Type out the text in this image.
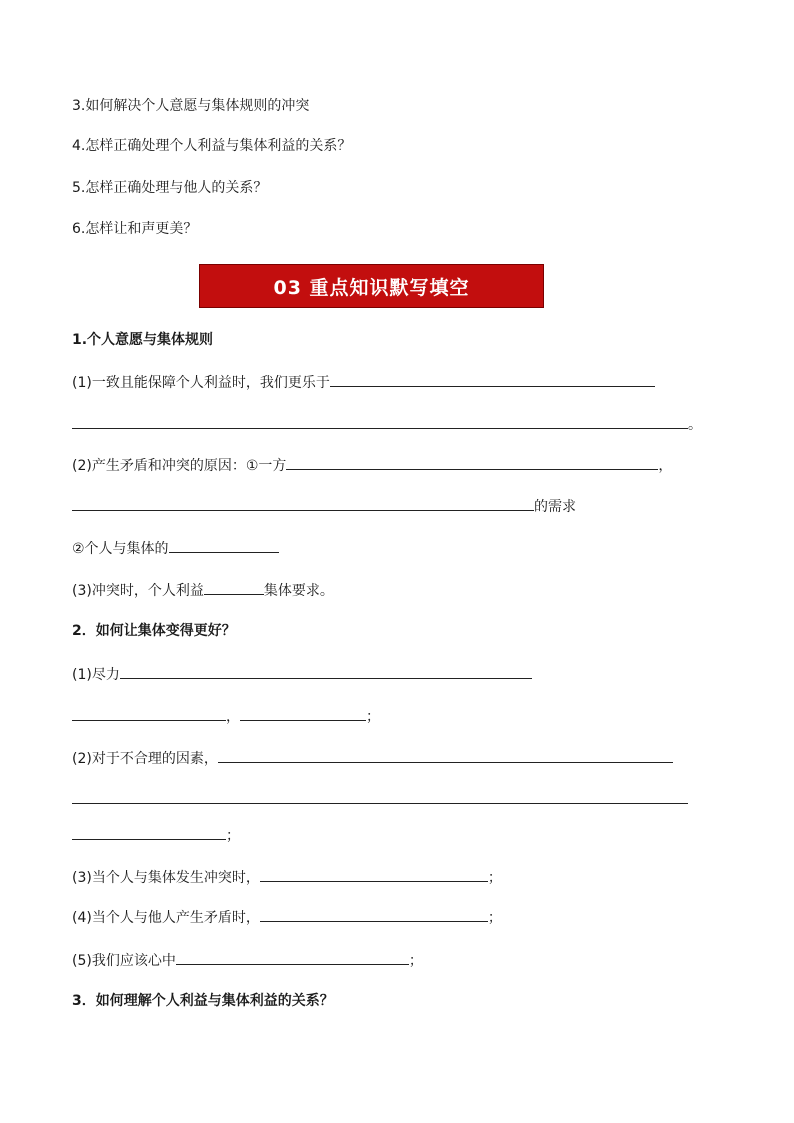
3.如何解决个人意愿与集体规则的冲突
4.怎样正确处理个人利益与集体利益的关系？
5.怎样正确处理与他人的关系？
6.怎样让和声更美？
03 重点知识默写填空
1.个人意愿与集体规则
(1)一致且能保障个人利益时，我们更乐于
。
(2)产生矛盾和冲突的原因：①一方	，
的需求
②个人与集体的
(3)冲突时，个人利益	集体要求。
2．如何让集体变得更好？
(1)尽力
，	；
(2)对于不合理的因素，
；
(3)当个人与集体发生冲突时，	；
(4)当个人与他人产生矛盾时，	；
(5)我们应该心中	；
3．如何理解个人利益与集体利益的关系？
